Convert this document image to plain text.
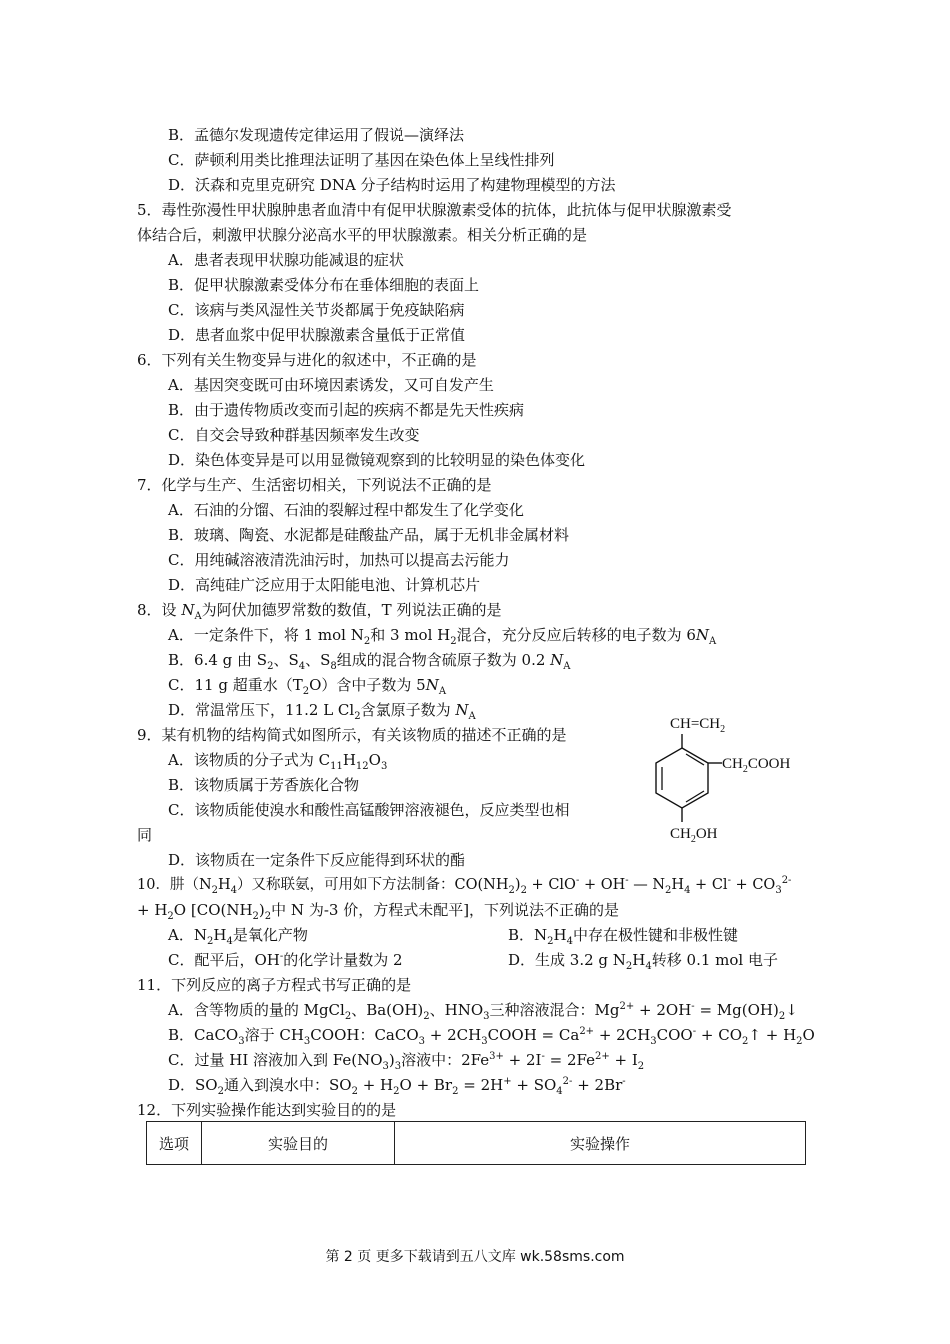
B．孟德尔发现遗传定律运用了假说—演绎法
C．萨顿利用类比推理法证明了基因在染色体上呈线性排列
D．沃森和克里克研究 DNA 分子结构时运用了构建物理模型的方法
5．毒性弥漫性甲状腺肿患者血清中有促甲状腺激素受体的抗体，此抗体与促甲状腺激素受
体结合后，刺激甲状腺分泌高水平的甲状腺激素。相关分析正确的是
A．患者表现甲状腺功能减退的症状
B．促甲状腺激素受体分布在垂体细胞的表面上
C．该病与类风湿性关节炎都属于免疫缺陷病
D．患者血浆中促甲状腺激素含量低于正常值
6．下列有关生物变异与进化的叙述中，不正确的是
A．基因突变既可由环境因素诱发，又可自发产生
B．由于遗传物质改变而引起的疾病不都是先天性疾病
C．自交会导致种群基因频率发生改变
D．染色体变异是可以用显微镜观察到的比较明显的染色体变化
7．化学与生产、生活密切相关，下列说法不正确的是
A．石油的分馏、石油的裂解过程中都发生了化学变化
B．玻璃、陶瓷、水泥都是硅酸盐产品，属于无机非金属材料
C．用纯碱溶液清洗油污时，加热可以提高去污能力
D．高纯硅广泛应用于太阳能电池、计算机芯片
8．设 $N_A$为阿伏加德罗常数的数值，T 列说法正确的是
A．一定条件下，将 1 mol $N_2$和 3 mol $H_2$混合，充分反应后转移的电子数为 $6N_A$
B．6.4 g 由 $S_2$、$S_4$、$S_8$组成的混合物含硫原子数为 0.2 $N_A$
C．11 g 超重水$(T_2O)$含中子数为 $5N_A$
D．常温常压下，11.2 L $Cl_2$含氯原子数为 $N_A$
9．某有机物的结构简式如图所示，有关该物质的描述不正确的是
A．该物质的分子式为 $C_{11}H_{12}O_3$
B．该物质属于芳香族化合物
C．该物质能使溴水和酸性高锰酸钾溶液褪色，反应类型也相
同
D．该物质在一定条件下反应能得到环状的酯
$CH=CH_2$
$CH_2COOH$
$CH_2OH$
10．肼$(N_2H_4)$又称联氨，可用如下方法制备：$CO(NH_2)_2 + ClO^- + OH^-$ — $N_2H_4 + Cl^- + CO_3^{2-}$
+ $H_2O$ [$CO(NH_2)_2$中 N 为-3 价，方程式未配平]，下列说法不正确的是
A．$N_2H_4$是氧化产物	B．$N_2H_4$中存在极性键和非极性键
C．配平后，OH-的化学计量数为 2	D．生成 3.2 g $N_2H_4$转移 0.1 mol 电子
11．下列反应的离子方程式书写正确的是
A．含等物质的量的 MgCl$_2$、$Ba(OH)_2$、$HNO_3$三种溶液混合：$Mg^{2+} + 2OH^-$ = $Mg(OH)_2↓$
B．CaCO$_3$溶于 $CH_3COOH$：CaCO$_3$ + $2CH_3COOH = Ca^{2+} + 2CH_3COO^-$ + $CO_2↑ + H_2O$
C．过量 HI 溶液加入到 $Fe(NO_3)_3$溶液中：$2Fe^{3+} + 2I^- = 2Fe^{2+} + I_2$
D．$SO_2$通入到溴水中：$SO_2 + H_2O + Br_2 = 2H^+ + SO_4^{2-} + 2Br^-$
12．下列实验操作能达到实验目的的是
选项	实验目的	实验操作
第 2 页 更多下载请到五八文库 wk.58sms.com
